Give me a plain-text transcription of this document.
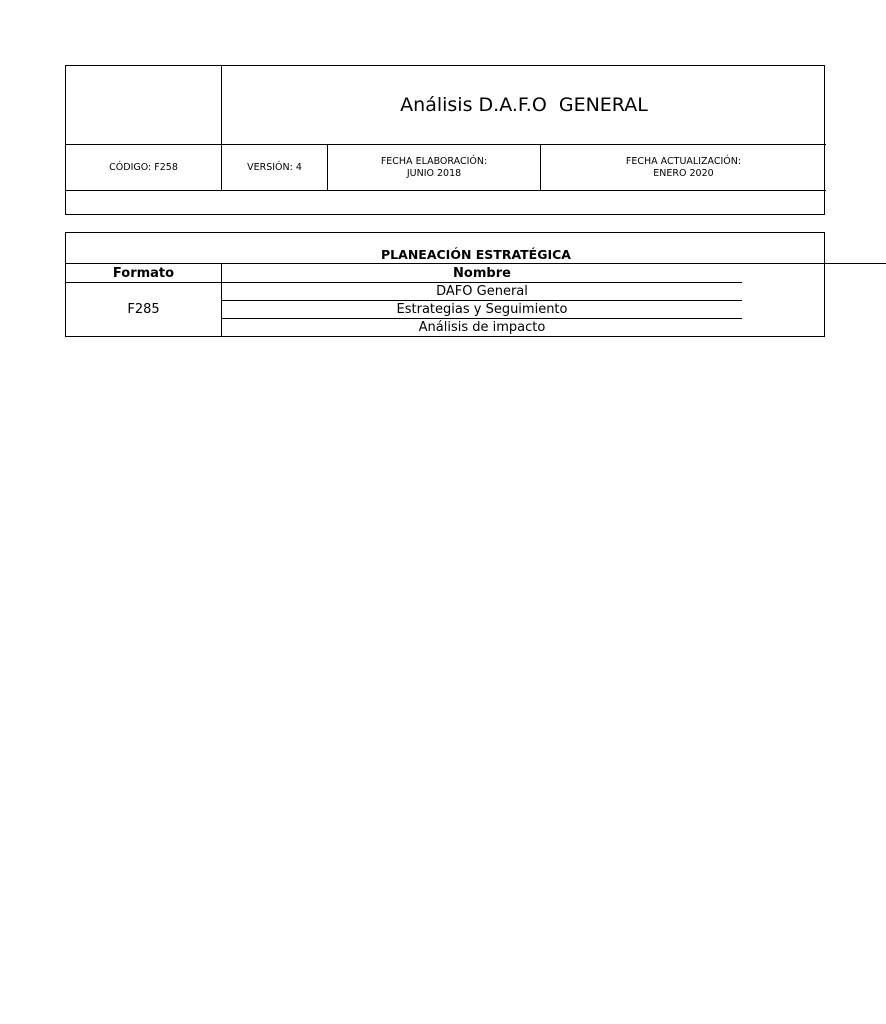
Análisis D.A.F.O  GENERAL
CÓDIGO: F258	VERSIÓN: 4
FECHA ELABORACIÓN:
JUNIO 2018
FECHA ACTUALIZACIÓN:
ENERO 2020
PLANEACIÓN ESTRATÉGICA
Formato	Nombre
F285
DAFO General
Estrategias y Seguimiento
Análisis de impacto
